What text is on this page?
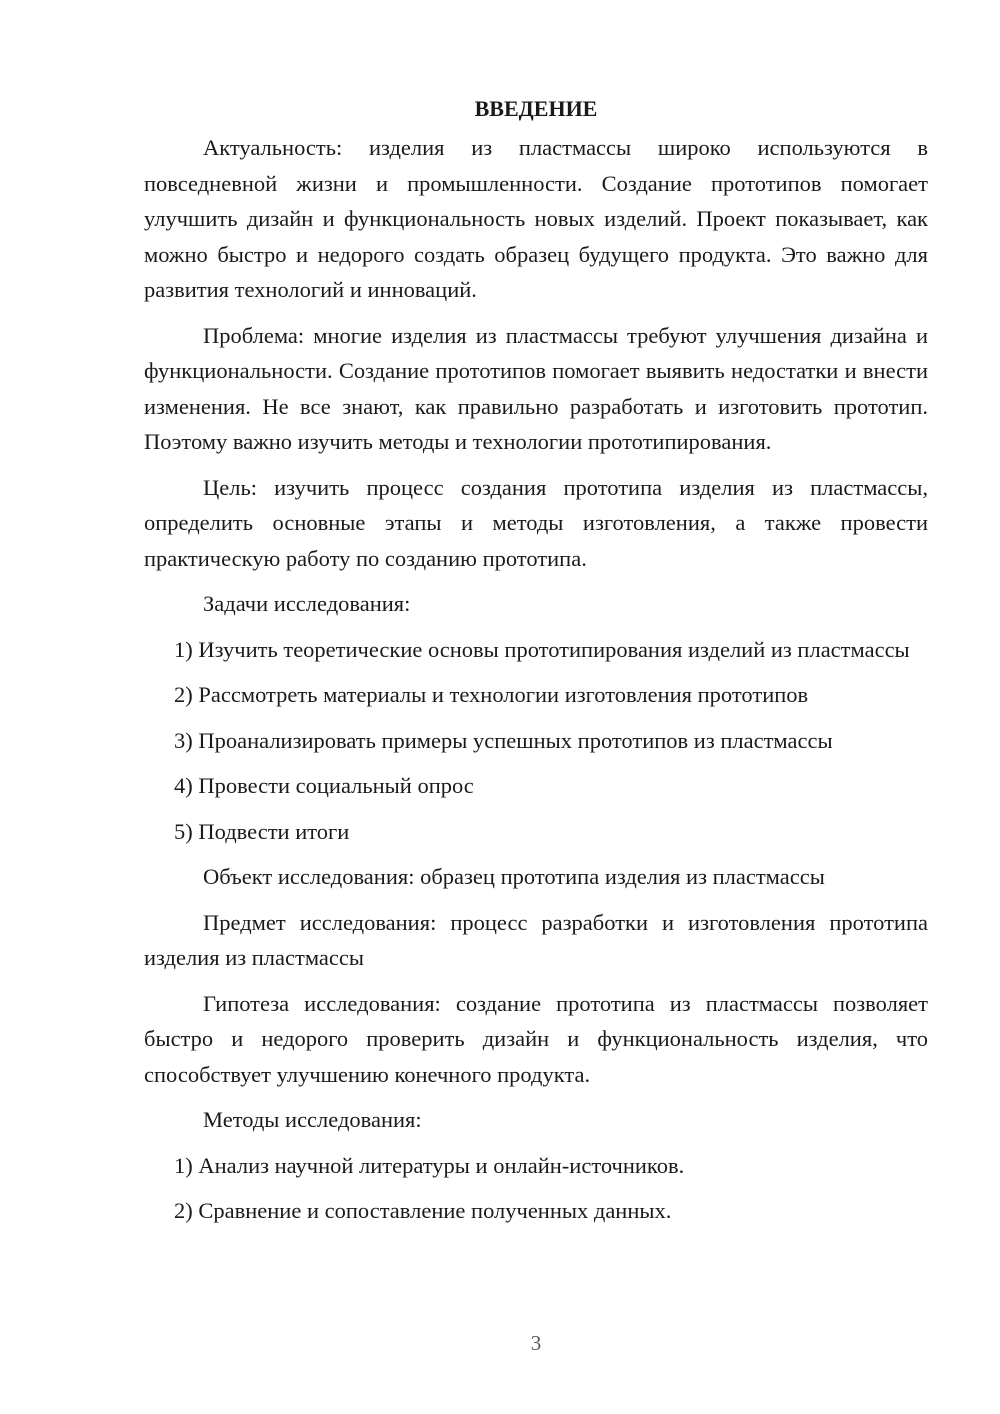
ВВЕДЕНИЕ

Актуальность: изделия из пластмассы широко используются в повседневной жизни и промышленности. Создание прототипов помогает улучшить дизайн и функциональность новых изделий. Проект показывает, как можно быстро и недорого создать образец будущего продукта. Это важно для развития технологий и инноваций.

Проблема: многие изделия из пластмассы требуют улучшения дизайна и функциональности. Создание прототипов помогает выявить недостатки и внести изменения. Не все знают, как правильно разработать и изготовить прототип. Поэтому важно изучить методы и технологии прототипирования.

Цель: изучить процесс создания прототипа изделия из пластмассы, определить основные этапы и методы изготовления, а также провести практическую работу по созданию прототипа.

Задачи исследования:

1) Изучить теоретические основы прототипирования изделий из пластмассы

2) Рассмотреть материалы и технологии изготовления прототипов

3) Проанализировать примеры успешных прототипов из пластмассы

4) Провести социальный опрос

5) Подвести итоги

Объект исследования: образец прототипа изделия из пластмассы

Предмет исследования: процесс разработки и изготовления прототипа изделия из пластмассы

Гипотеза исследования: создание прототипа из пластмассы позволяет быстро и недорого проверить дизайн и функциональность изделия, что способствует улучшению конечного продукта.

Методы исследования:

1) Анализ научной литературы и онлайн-источников.

2) Сравнение и сопоставление полученных данных.

3
